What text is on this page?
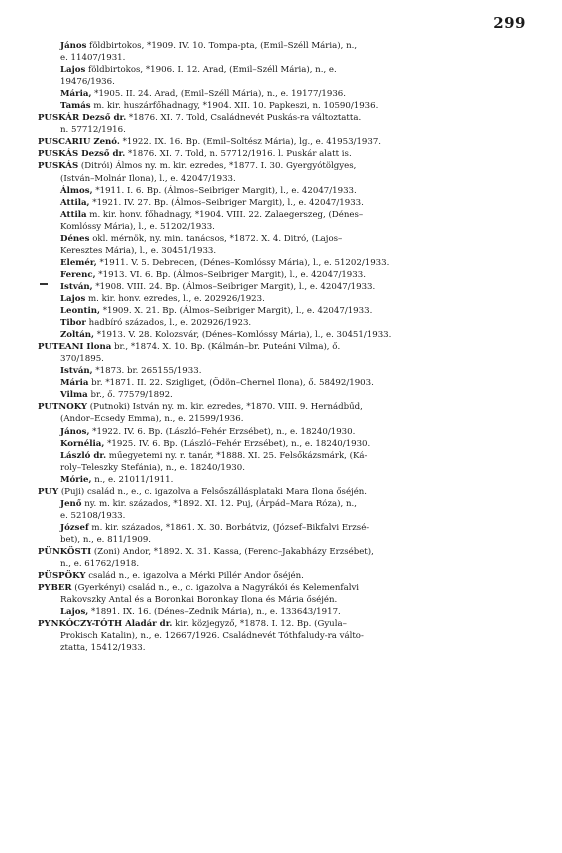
299
János földbirtokos, *1909. IV. 10. Tompa-pta, (Emil–Széll Mária), n.,
e. 11407/1931.
Lajos földbirtokos, *1906. I. 12. Arad, (Emil–Széll Mária), n., e.
19476/1936.
Mária, *1905. II. 24. Arad, (Emil–Széll Mária), n., e. 19177/1936.
Tamás m. kir. huszárfőhadnagy, *1904. XII. 10. Papkeszi, n. 10590/1936.
PUSKÁR Dezső dr. *1876. XI. 7. Told, Családnevét Puskás-ra változtatta.
n. 57712/1916.
PUSCARIU Zenó. *1922. IX. 16. Bp. (Emil–Soltész Mária), lg., e. 41953/1937.
PUSKÁS Dezső dr. *1876. XI. 7. Told, n. 57712/1916. l. Puskár alatt is.
PUSKÁS (Ditrói) Álmos ny. m. kir. ezredes, *1877. I. 30. Gyergyótölgyes,
(István–Molnár Ilona), l., e. 42047/1933.
Álmos, *1911. I. 6. Bp. (Álmos–Seibriger Margit), l., e. 42047/1933.
Attila, *1921. IV. 27. Bp. (Álmos–Seibriger Margit), l., e. 42047/1933.
Attila m. kir. honv. főhadnagy, *1904. VIII. 22. Zalaegerszeg, (Dénes–
Komlóssy Mária), l., e. 51202/1933.
Dénes okl. mérnök, ny. min. tanácsos, *1872. X. 4. Ditró, (Lajos–
Keresztes Mária), l., e. 30451/1933.
Elemér, *1911. V. 5. Debrecen, (Dénes–Komlóssy Mária), l., e. 51202/1933.
Ferenc, *1913. VI. 6. Bp. (Álmos–Seibriger Margit), l., e. 42047/1933.
István, *1908. VIII. 24. Bp. (Álmos–Seibriger Margit), l., e. 42047/1933.
Lajos m. kir. honv. ezredes, l., e. 202926/1923.
Leontin, *1909. X. 21. Bp. (Álmos–Seibriger Margit), l., e. 42047/1933.
Tibor hadbíró százados, l., e. 202926/1923.
Zoltán, *1913. V. 28. Kolozsvár, (Dénes–Komlóssy Mária), l., e. 30451/1933.
PUTEANI Ilona br., *1874. X. 10. Bp. (Kálmán–br. Puteáni Vilma), ő.
370/1895.
István, *1873. br. 265155/1933.
Mária br. *1871. II. 22. Szigliget, (Ödön–Chernel Ilona), ő. 58492/1903.
Vilma br., ő. 77579/1892.
PUTNOKY (Putnoki) István ny. m. kir. ezredes, *1870. VIII. 9. Hernádbűd,
(Andor–Ecsedy Emma), n., e. 21599/1936.
János, *1922. IV. 6. Bp. (László–Fehér Erzsébet), n., e. 18240/1930.
Kornélia, *1925. IV. 6. Bp. (László–Fehér Erzsébet), n., e. 18240/1930.
László dr. műegyetemi ny. r. tanár, *1888. XI. 25. Felsőkázsmárk, (Ká-
roly–Teleszky Stefánia), n., e. 18240/1930.
Mórie, n., e. 21011/1911.
PUY (Puji) család n., e., c. igazolva a Felsőszállásplataki Mara Ilona őséjén.
Jenő ny. m. kir. százados, *1892. XI. 12. Puj, (Árpád–Mara Róza), n.,
e. 52108/1933.
József m. kir. százados, *1861. X. 30. Borbátviz, (József–Bikfalvi Erzsé-
bet), n., e. 811/1909.
PÜNKÖSTI (Zoni) Andor, *1892. X. 31. Kassa, (Ferenc–Jakabházy Erzsébet),
n., e. 61762/1918.
PÜSPÖKY család n., e. igazolva a Mérki Pillér Andor őséjén.
PYBER (Gyerkényi) család n., e., c. igazolva a Nagyrákói és Kelemenfalvi
Rakovszky Antal és a Boronkai Boronkay Ilona és Mária őséjén.
Lajos, *1891. IX. 16. (Dénes–Zednik Mária), n., e. 133643/1917.
PYNKÓCZY-TÓTH Aladár dr. kir. közjegyző, *1878. I. 12. Bp. (Gyula–
Prokisch Katalin), n., e. 12667/1926. Családnevét Tóthfaludy-ra válto-
ztatta, 15412/1933.
